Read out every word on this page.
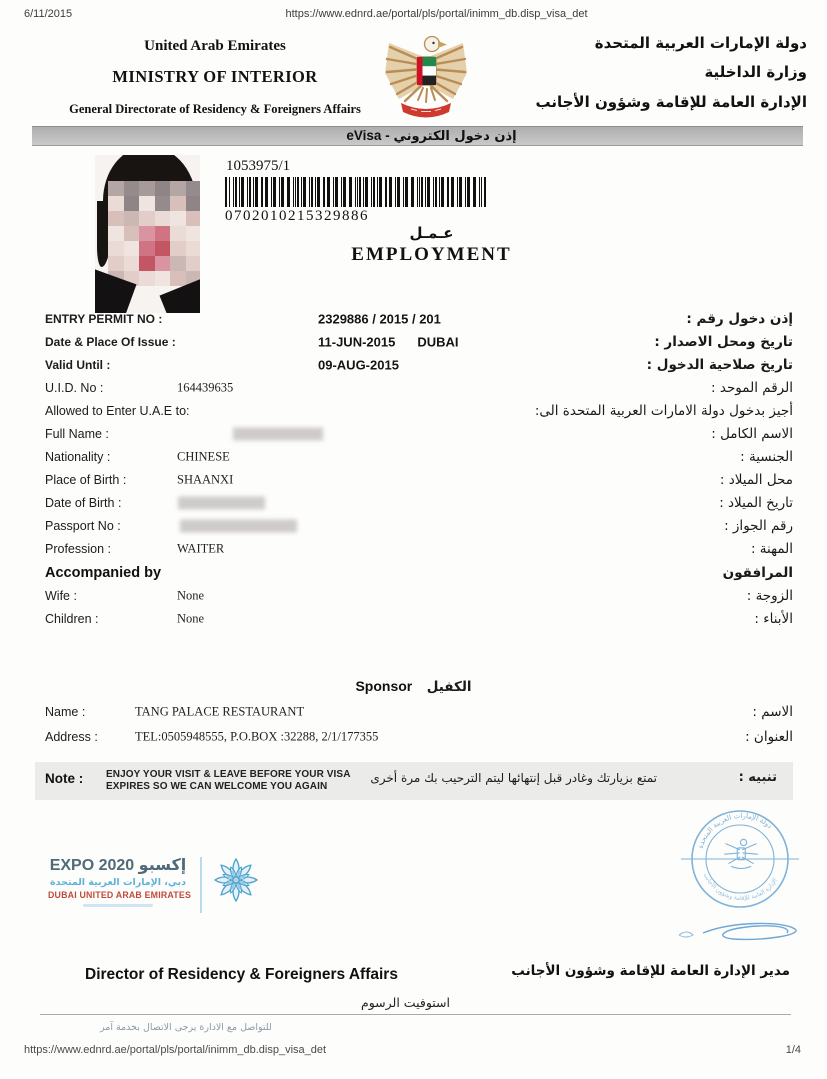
6/11/2015	https://www.ednrd.ae/portal/pls/portal/inimm_db.disp_visa_det
United Arab Emirates
MINISTRY OF INTERIOR
General Directorate of Residency & Foreigners Affairs
دولة الإمارات العربية المتحدة
وزارة الداخلية
الإدارة العامة للإقامة وشؤون الأجانب
eVisa - إذن دخول الكتروني
1053975/1
0702010215329886
عـمـل
EMPLOYMENT
ENTRY PERMIT NO :	2329886 / 2015 / 201	إذن دخول رقم :
Date & Place Of Issue :	11-JUN-2015 DUBAI	تاريخ ومحل الاصدار :
Valid Until :	09-AUG-2015	تاريخ صلاحية الدخول :
U.I.D. No :	164439635	الرقم الموحد :
Allowed to Enter U.A.E to:	أجيز بدخول دولة الامارات العربية المتحدة الى:
Full Name :	الاسم الكامل :
Nationality :	CHINESE	الجنسية :
Place of Birth :	SHAANXI	محل الميلاد :
Date of Birth :	تاريخ الميلاد :
Passport No :	رقم الجواز :
Profession :	WAITER	المهنة :
Accompanied by	المرافقون
Wife :	None	الزوجة :
Children :	None	الأبناء :
Sponsor الكفيل
Name :	TANG PALACE RESTAURANT	الاسم :
Address :	TEL:0505948555, P.O.BOX :32288, 2/1/177355	العنوان :
Note : ENJOY YOUR VISIT & LEAVE BEFORE YOUR VISA
EXPIRES SO WE CAN WELCOME YOU AGAIN
تمتع بزيارتك وغادر قبل إنتهائها ليتم الترحيب بك مرة أخرى	تنبيه :
EXPO 2020 إكسبو
دبي، الإمارات العربية المتحدة
DUBAI UNITED ARAB EMIRATES
دولة الإمارات العربية المتحدة
الإدارة العامة للإقامة وشؤون الأجانب
Director of Residency & Foreigners Affairs	مدير الإدارة العامة للإقامة وشؤون الأجانب
استوفيت الرسوم
للتواصل مع الادارة يرجى الاتصال بخدمة آمر
https://www.ednrd.ae/portal/pls/portal/inimm_db.disp_visa_det	1/4
